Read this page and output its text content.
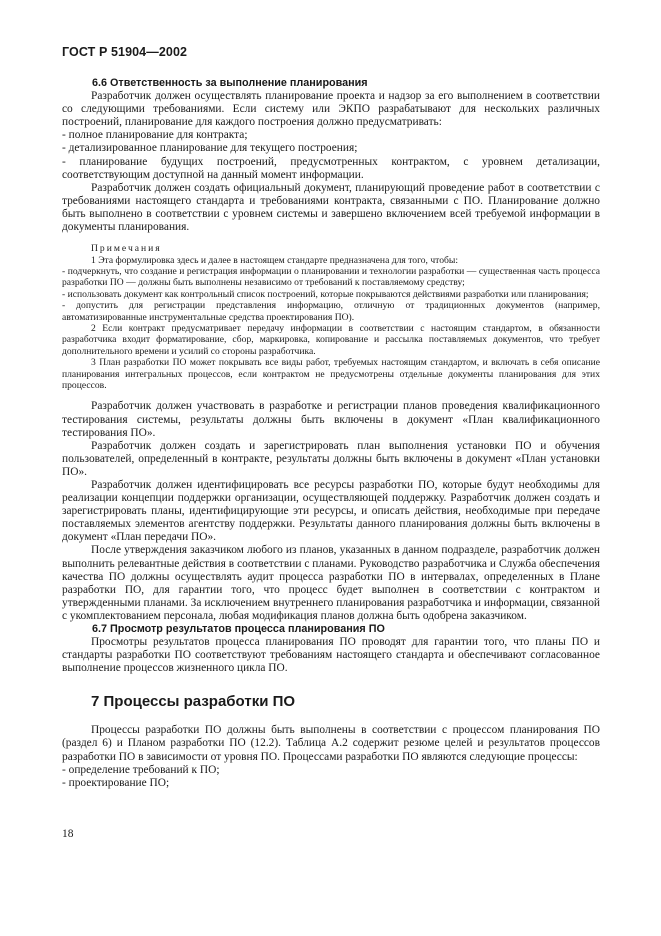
ГОСТ Р 51904—2002

6.6 Ответственность за выполнение планирования

Разработчик должен осуществлять планирование проекта и надзор за его выполнением в соответствии со следующими требованиями. Если систему или ЭКПО разрабатывают для нескольких различных построений, планирование для каждого построения должно предусматривать:

- полное планирование для контракта;

- детализированное планирование для текущего построения;

- планирование будущих построений, предусмотренных контрактом, с уровнем детализации, соответствующим доступной на данный момент информации.

Разработчик должен создать официальный документ, планирующий проведение работ в соответствии с требованиями настоящего стандарта и требованиями контракта, связанными с ПО. Планирование должно быть выполнено в соответствии с уровнем системы и завершено включением всей требуемой информации в документы планирования.

Примечания

1 Эта формулировка здесь и далее в настоящем стандарте предназначена для того, чтобы:

- подчеркнуть, что создание и регистрация информации о планировании и технологии разработки — существенная часть процесса разработки ПО — должны быть выполнены независимо от требований к поставляемому средству;

- использовать документ как контрольный список построений, которые покрываются действиями разработки или планирования;

- допустить для регистрации представления информацию, отличную от традиционных документов (например, автоматизированные инструментальные средства проектирования ПО).

2 Если контракт предусматривает передачу информации в соответствии с настоящим стандартом, в обязанности разработчика входит форматирование, сбор, маркировка, копирование и рассылка поставляемых документов, что требует дополнительного времени и усилий со стороны разработчика.

3 План разработки ПО может покрывать все виды работ, требуемых настоящим стандартом, и включать в себя описание планирования интегральных процессов, если контрактом не предусмотрены отдельные документы планирования для этих процессов.

Разработчик должен участвовать в разработке и регистрации планов проведения квалификационного тестирования системы, результаты должны быть включены в документ «План квалификационного тестирования ПО».

Разработчик должен создать и зарегистрировать план выполнения установки ПО и обучения пользователей, определенный в контракте, результаты должны быть включены в документ «План установки ПО».

Разработчик должен идентифицировать все ресурсы разработки ПО, которые будут необходимы для реализации концепции поддержки организации, осуществляющей поддержку. Разработчик должен создать и зарегистрировать планы, идентифицирующие эти ресурсы, и описать действия, необходимые при передаче поставляемых элементов агентству поддержки. Результаты данного планирования должны быть включены в документ «План передачи ПО».

После утверждения заказчиком любого из планов, указанных в данном подразделе, разработчик должен выполнить релевантные действия в соответствии с планами. Руководство разработчика и Служба обеспечения качества ПО должны осуществлять аудит процесса разработки ПО в интервалах, определенных в Плане разработки ПО, для гарантии того, что процесс будет выполнен в соответствии с контрактом и утвержденными планами. За исключением внутреннего планирования разработчика и информации, связанной с укомплектованием персонала, любая модификация планов должна быть одобрена заказчиком.

6.7 Просмотр результатов процесса планирования ПО

Просмотры результатов процесса планирования ПО проводят для гарантии того, что планы ПО и стандарты разработки ПО соответствуют требованиям настоящего стандарта и обеспечивают согласованное выполнение процессов жизненного цикла ПО.

7 Процессы разработки ПО

Процессы разработки ПО должны быть выполнены в соответствии с процессом планирования ПО (раздел 6) и Планом разработки ПО (12.2). Таблица А.2 содержит резюме целей и результатов процессов разработки ПО в зависимости от уровня ПО. Процессами разработки ПО являются следующие процессы:

- определение требований к ПО;

- проектирование ПО;

18
